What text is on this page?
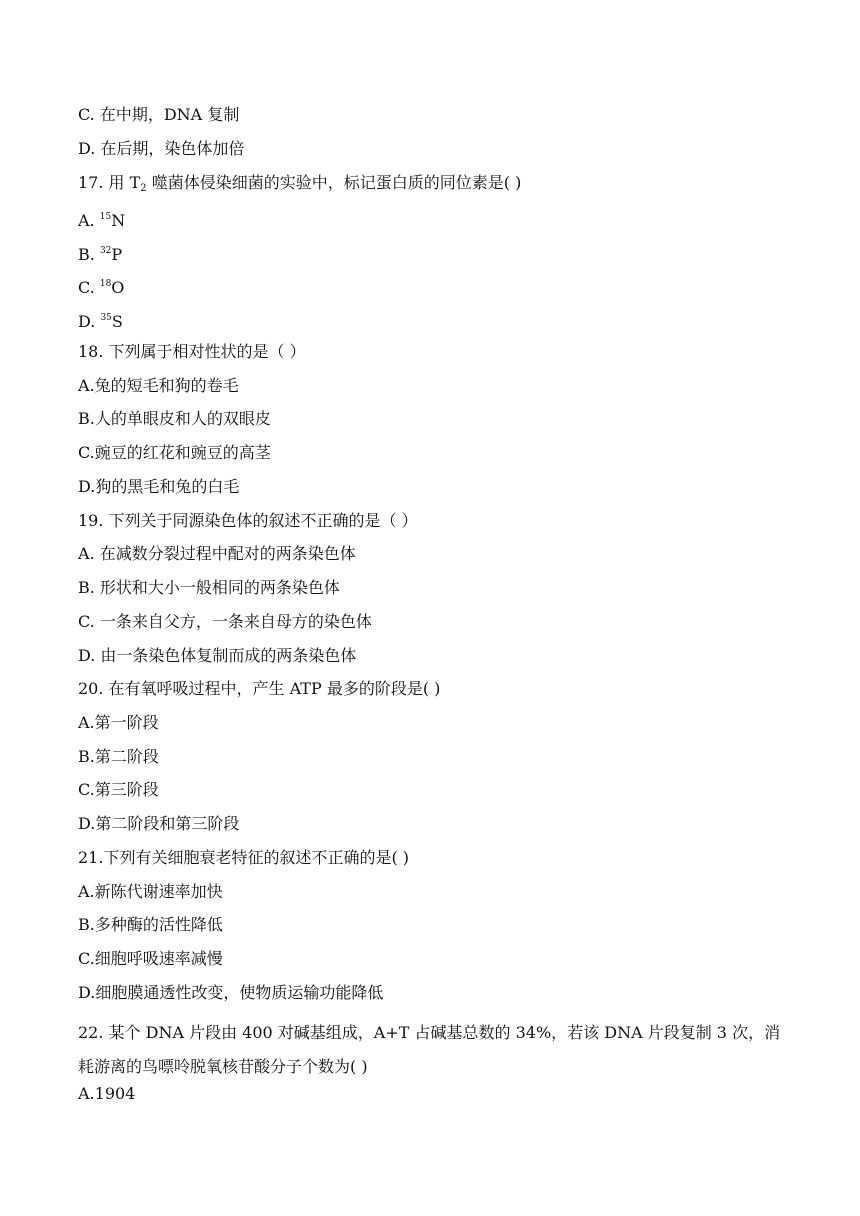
C. 在中期，DNA 复制
D. 在后期，染色体加倍
17. 用 $T_2$ 噬菌体侵染细菌的实验中，标记蛋白质的同位素是( )
A. $^{15}$N
B. $^{32}$P
C. $^{18}$O
D. $^{35}$S
18. 下列属于相对性状的是（ ）
A.兔的短毛和狗的卷毛
B.人的单眼皮和人的双眼皮
C.豌豆的红花和豌豆的高茎
D.狗的黑毛和兔的白毛
19. 下列关于同源染色体的叙述不正确的是（ ）
A. 在减数分裂过程中配对的两条染色体
B. 形状和大小一般相同的两条染色体
C. 一条来自父方，一条来自母方的染色体
D. 由一条染色体复制而成的两条染色体
20. 在有氧呼吸过程中，产生 ATP 最多的阶段是( )
A.第一阶段
B.第二阶段
C.第三阶段
D.第二阶段和第三阶段
21.下列有关细胞衰老特征的叙述不正确的是( )
A.新陈代谢速率加快
B.多种酶的活性降低
C.细胞呼吸速率减慢
D.细胞膜通透性改变，使物质运输功能降低
22. 某个 DNA 片段由 400 对碱基组成，A+T 占碱基总数的 34%，若该 DNA 片段复制 3 次，消耗游离的鸟嘌呤脱氧核苷酸分子个数为( )
A.1904
